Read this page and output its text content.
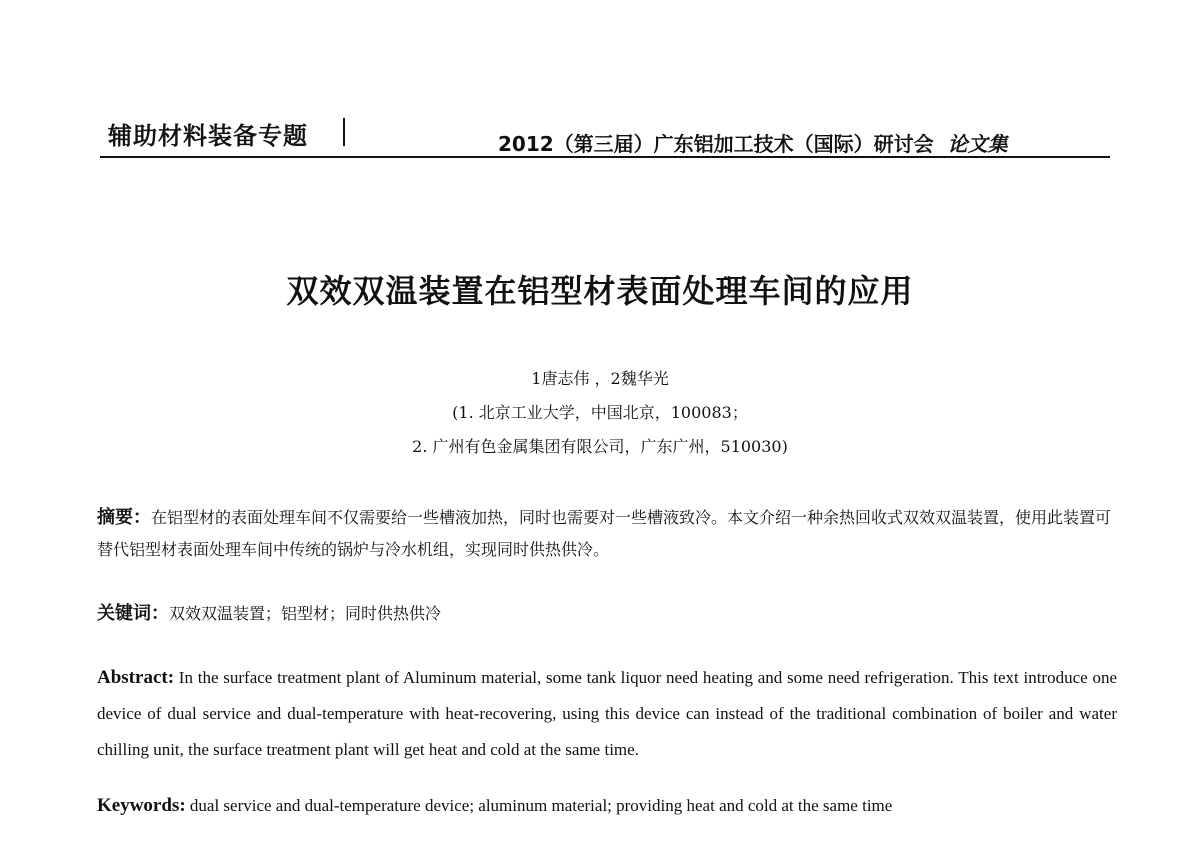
辅助材料装备专题	2012（第三届）广东铝加工技术（国际）研讨会 论文集
双效双温装置在铝型材表面处理车间的应用
1唐志伟 ，2魏华光
(1. 北京工业大学，中国北京，100083；
2. 广州有色金属集团有限公司，广东广州，510030)
摘要：在铝型材的表面处理车间不仅需要给一些槽液加热，同时也需要对一些槽液致冷。本文介绍一种余热回收式双效双温装置，使用此装置可替代铝型材表面处理车间中传统的锅炉与冷水机组，实现同时供热供冷。
关键词：双效双温装置；铝型材；同时供热供冷
Abstract: In the surface treatment plant of Aluminum material, some tank liquor need heating and some need refrigeration. This text introduce one device of dual service and dual-temperature with heat-recovering, using this device can instead of the traditional combination of boiler and water chilling unit, the surface treatment plant will get heat and cold at the same time.
Keywords: dual service and dual-temperature device; aluminum material; providing heat and cold at the same time
